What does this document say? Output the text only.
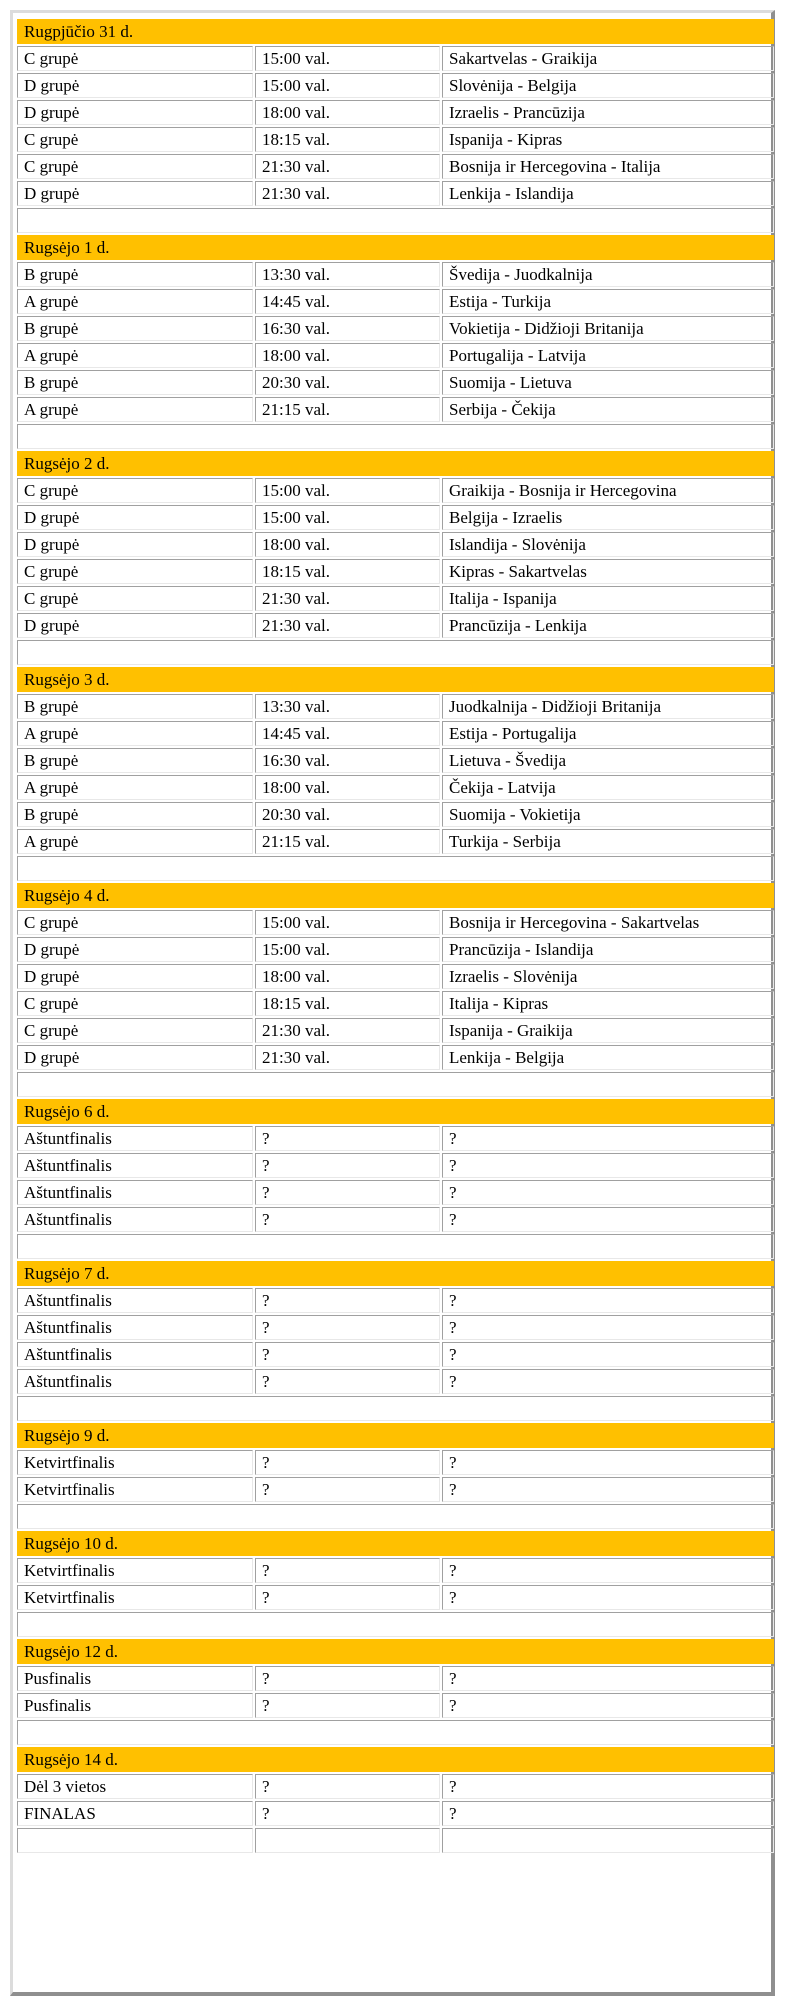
Rugpjūčio 31 d.		
C grupė	15:00 val.	Sakartvelas - Graikija
D grupė	15:00 val.	Slovėnija - Belgija
D grupė	18:00 val.	Izraelis - Prancūzija
C grupė	18:15 val.	Ispanija - Kipras
C grupė	21:30 val.	Bosnija ir Hercegovina - Italija
D grupė	21:30 val.	Lenkija - Islandija

Rugsėjo 1 d.		
B grupė	13:30 val.	Švedija - Juodkalnija
A grupė	14:45 val.	Estija - Turkija
B grupė	16:30 val.	Vokietija - Didžioji Britanija
A grupė	18:00 val.	Portugalija - Latvija
B grupė	20:30 val.	Suomija - Lietuva
A grupė	21:15 val.	Serbija - Čekija

Rugsėjo 2 d.		
C grupė	15:00 val.	Graikija - Bosnija ir Hercegovina
D grupė	15:00 val.	Belgija - Izraelis
D grupė	18:00 val.	Islandija - Slovėnija
C grupė	18:15 val.	Kipras - Sakartvelas
C grupė	21:30 val.	Italija - Ispanija
D grupė	21:30 val.	Prancūzija - Lenkija

Rugsėjo 3 d.		
B grupė	13:30 val.	Juodkalnija - Didžioji Britanija
A grupė	14:45 val.	Estija - Portugalija
B grupė	16:30 val.	Lietuva - Švedija
A grupė	18:00 val.	Čekija - Latvija
B grupė	20:30 val.	Suomija - Vokietija
A grupė	21:15 val.	Turkija - Serbija

Rugsėjo 4 d.		
C grupė	15:00 val.	Bosnija ir Hercegovina - Sakartvelas
D grupė	15:00 val.	Prancūzija - Islandija
D grupė	18:00 val.	Izraelis - Slovėnija
C grupė	18:15 val.	Italija - Kipras
C grupė	21:30 val.	Ispanija - Graikija
D grupė	21:30 val.	Lenkija - Belgija

Rugsėjo 6 d.		
Aštuntfinalis	?	?
Aštuntfinalis	?	?
Aštuntfinalis	?	?
Aštuntfinalis	?	?

Rugsėjo 7 d.		
Aštuntfinalis	?	?
Aštuntfinalis	?	?
Aštuntfinalis	?	?
Aštuntfinalis	?	?

Rugsėjo 9 d.		
Ketvirtfinalis	?	?
Ketvirtfinalis	?	?

Rugsėjo 10 d.		
Ketvirtfinalis	?	?
Ketvirtfinalis	?	?

Rugsėjo 12 d.		
Pusfinalis	?	?
Pusfinalis	?	?

Rugsėjo 14 d.		
Dėl 3 vietos	?	?
FINALAS	?	?
